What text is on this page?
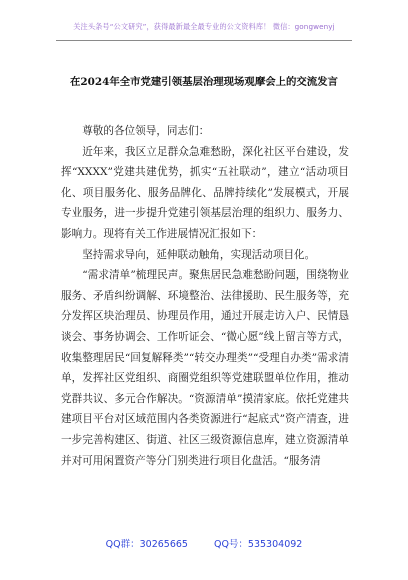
关注头条号“公文研究”，获得最新最全最专业的公文资料库！ 微信：gongwenyj
在2024年全市党建引领基层治理现场观摩会上的交流发言

尊敬的各位领导，同志们：

近年来，我区立足群众急难愁盼，深化社区平台建设，发挥“XXXX”党建共建优势，抓实“五社联动”，建立“活动项目化、项目服务化、服务品牌化、品牌持续化”发展模式，开展专业服务，进一步提升党建引领基层治理的组织力、服务力、影响力。现将有关工作进展情况汇报如下：

坚持需求导向，延伸联动触角，实现活动项目化。

“需求清单”梳理民声。聚焦居民急难愁盼问题，围绕物业服务、矛盾纠纷调解、环境整治、法律援助、民生服务等，充分发挥区块治理员、协理员作用，通过开展走访入户、民情恳谈会、事务协调会、工作听证会、“微心愿”线上留言等方式，收集整理居民“回复解释类”“转交办理类”“受理自办类”需求清单，发挥社区党组织、商圈党组织等党建联盟单位作用，推动党群共议、多元合作解决。“资源清单”摸清家底。依托党建共建项目平台对区域范围内各类资源进行“起底式”资产清查，进一步完善构建区、街道、社区三级资源信息库，建立资源清单并对可用闲置资产等分门别类进行项目化盘活。“服务清

QQ群：30265665	QQ号：535304092
